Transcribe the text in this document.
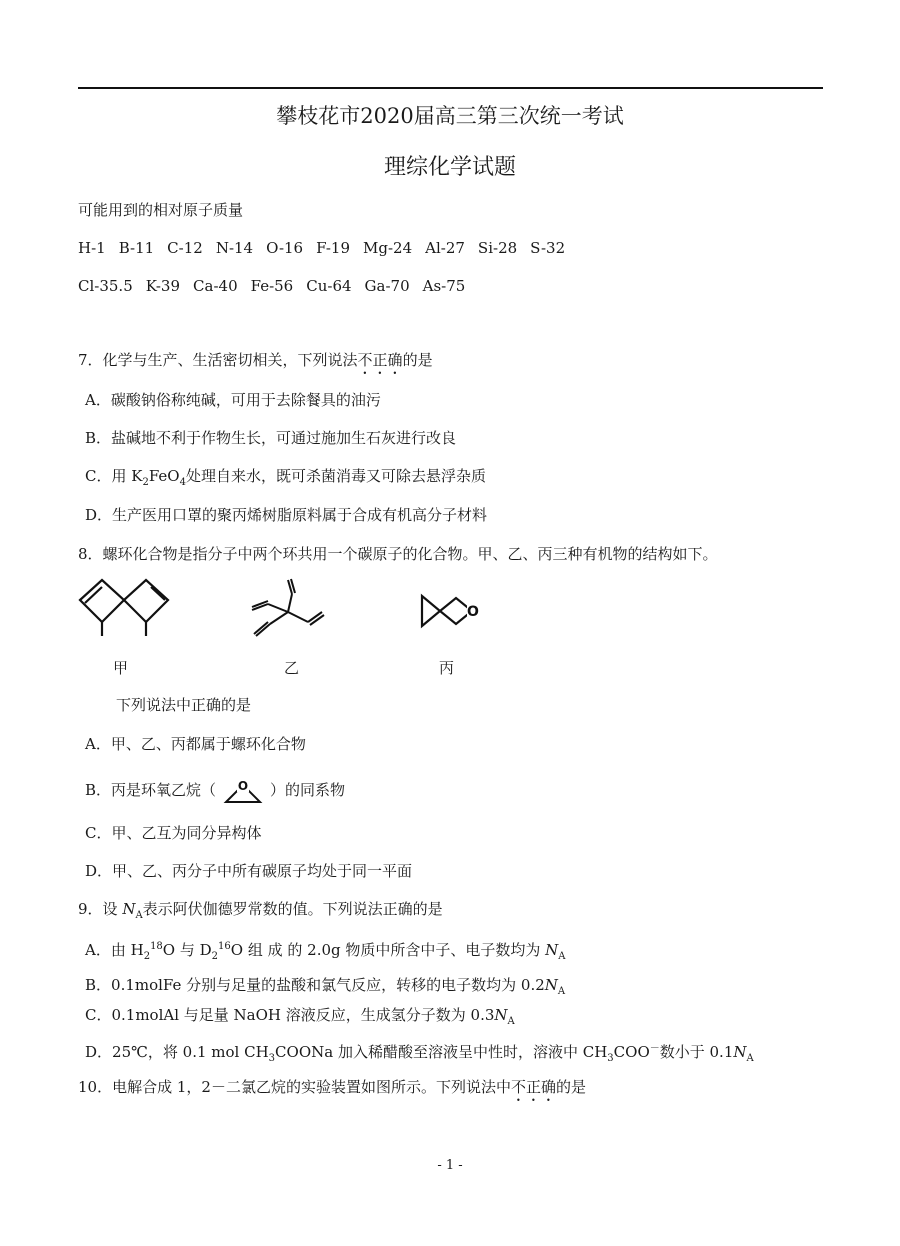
攀枝花市2020届高三第三次统一考试
理综化学试题
可能用到的相对原子质量
H-1 B-11 C-12 N-14 O-16 F-19 Mg-24 Al-27 Si-28 S-32
Cl-35.5 K-39 Ca-40 Fe-56 Cu-64 Ga-70 As-75
7．化学与生产、生活密切相关，下列说法不正确的是
A．碳酸钠俗称纯碱，可用于去除餐具的油污
B．盐碱地不利于作物生长，可通过施加生石灰进行改良
C．用 $K_2FeO_4$处理自来水，既可杀菌消毒又可除去悬浮杂质
D．生产医用口罩的聚丙烯树脂原料属于合成有机高分子材料
8．螺环化合物是指分子中两个环共用一个碳原子的化合物。甲、乙、丙三种有机物的结构如下。
甲	乙
O
丙
下列说法中正确的是
A．甲、乙、丙都属于螺环化合物
B．丙是环氧乙烷（ O ）的同系物
C．甲、乙互为同分异构体
D．甲、乙、丙分子中所有碳原子均处于同一平面
9．设 $N_A$表示阿伏伽德罗常数的值。下列说法正确的是
A．由 $H_2^{18}O$ 与 $D_2^{16}O$ 组 成 的 2.0g 物质中所含中子、电子数均为 $N_A$
B．0.1molFe 分别与足量的盐酸和氯气反应，转移的电子数均为 $0.2N_A$
C．0.1molAl 与足量 NaOH 溶液反应，生成氢分子数为 $0.3N_A$
D．25℃，将 0.1 mol $CH_3COONa$ 加入稀醋酸至溶液呈中性时，溶液中 $CH_3COO^-$数小于 $0.1N_A$
10．电解合成 1，2－二氯乙烷的实验装置如图所示。下列说法中不正确的是
- 1 -
